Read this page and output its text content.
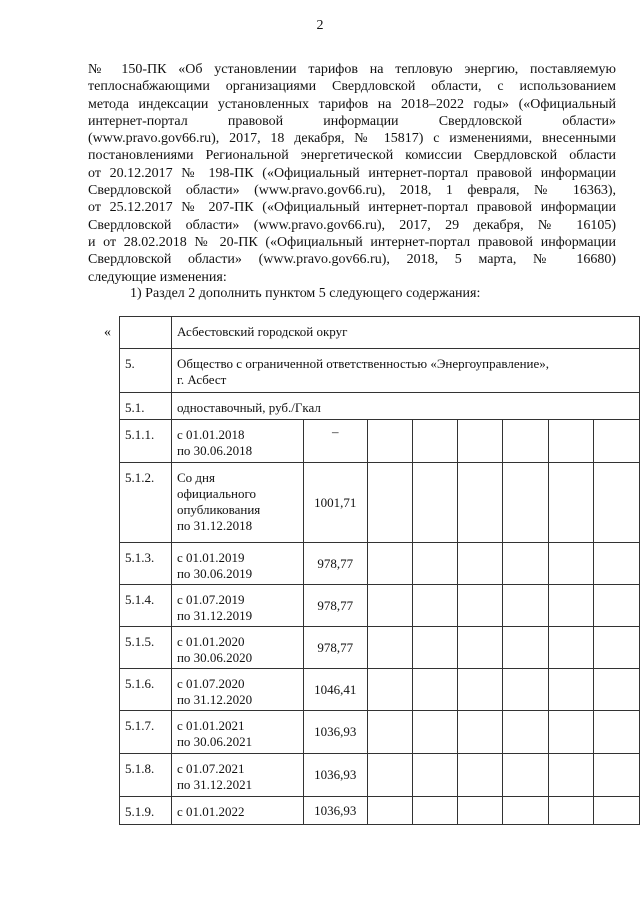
2
№ 150-ПК «Об установлении тарифов на тепловую энергию, поставляемую
теплоснабжающими организациями Свердловской области, с использованием
метода индексации установленных тарифов на 2018–2022 годы» («Официальный
интернет-портал правовой информации Свердловской области»
(www.pravo.gov66.ru), 2017, 18 декабря, № 15817) с изменениями, внесенными
постановлениями Региональной энергетической комиссии Свердловской области
от 20.12.2017 № 198-ПК («Официальный интернет-портал правовой информации
Свердловской области» (www.pravo.gov66.ru), 2018, 1 февраля, № 16363),
от 25.12.2017 № 207-ПК («Официальный интернет-портал правовой информации
Свердловской области» (www.pravo.gov66.ru), 2017, 29 декабря, № 16105)
и от 28.02.2018 № 20-ПК («Официальный интернет-портал правовой информации
Свердловской области» (www.pravo.gov66.ru), 2018, 5 марта, № 16680)
следующие изменения:
1) Раздел 2 дополнить пунктом 5 следующего содержания:
«
		Асбестовский городской округ							
5.	Общество с ограниченной ответственностью «Энергоуправление»,
г. Асбест							

5.1.	одноставочный, руб./Гкал							
5.1.1.	с 01.01.2018
по 30.06.2018	–						
5.1.2.	Со дня
официального
опубликования
по 31.12.2018	1001,71						
5.1.3.	с 01.01.2019
по 30.06.2019	978,77						
5.1.4.	с 01.07.2019
по 31.12.2019	978,77						
5.1.5.	с 01.01.2020
по 30.06.2020	978,77						
5.1.6.	с 01.07.2020
по 31.12.2020	1046,41						
5.1.7.	с 01.01.2021
по 30.06.2021	1036,93						
5.1.8.	с 01.07.2021
по 31.12.2021	1036,93						
5.1.9.	с 01.01.2022	1036,93						
